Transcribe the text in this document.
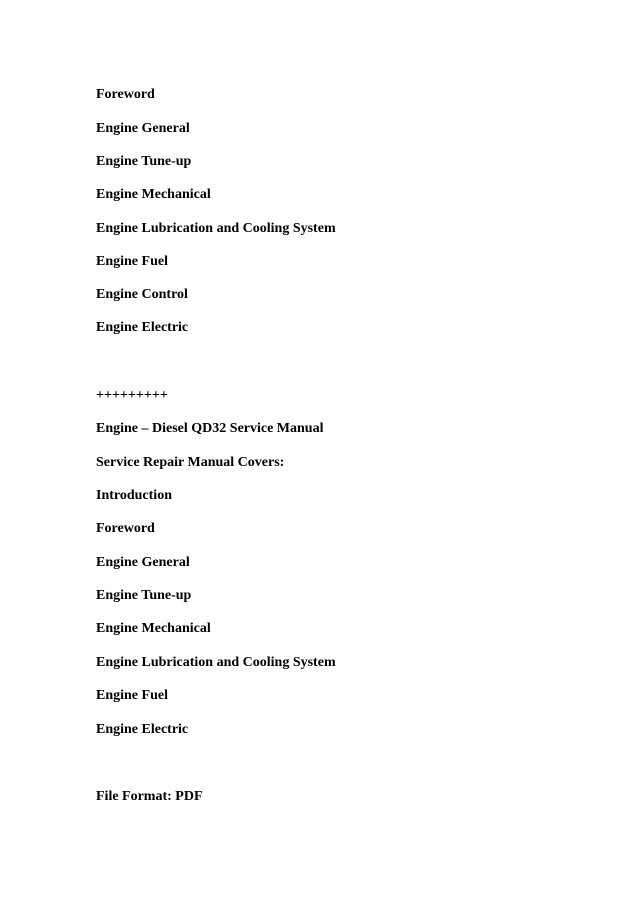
Foreword
Engine General
Engine Tune-up
Engine Mechanical
Engine Lubrication and Cooling System
Engine Fuel
Engine Control
Engine Electric
+++++++++
Engine – Diesel QD32 Service Manual
Service Repair Manual Covers:
Introduction
Foreword
Engine General
Engine Tune-up
Engine Mechanical
Engine Lubrication and Cooling System
Engine Fuel
Engine Electric
File Format: PDF
